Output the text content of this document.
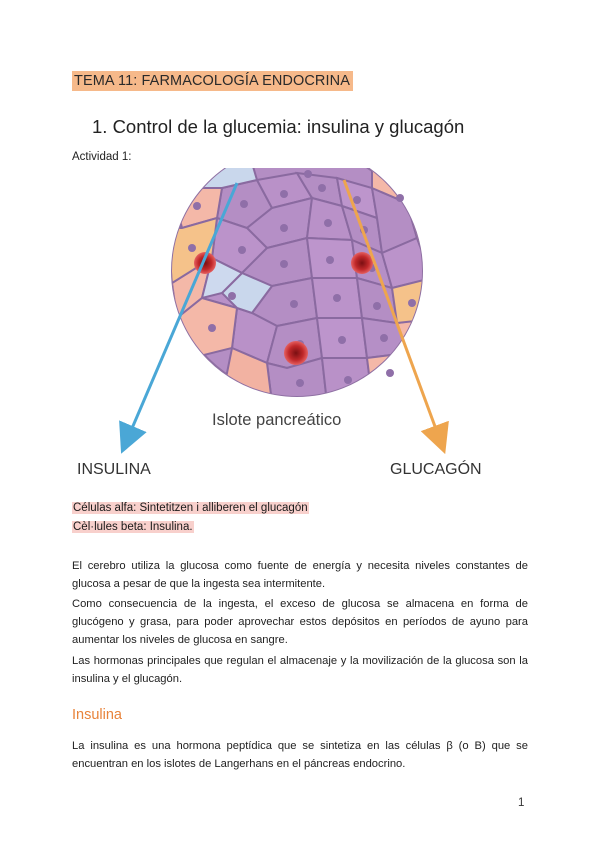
TEMA 11: FARMACOLOGÍA ENDOCRINA
1. Control de la glucemia: insulina y glucagón
Actividad 1:
Islote pancreático
INSULINA	GLUCAGÓN
Células alfa: Sintetitzen i alliberen el glucagón
Cèl·lules beta: Insulina.
El cerebro utiliza la glucosa como fuente de energía y necesita niveles constantes de glucosa a pesar de que la ingesta sea intermitente.
Como consecuencia de la ingesta, el exceso de glucosa se almacena en forma de glucógeno y grasa, para poder aprovechar estos depósitos en períodos de ayuno para aumentar los niveles de glucosa en sangre.
Las hormonas principales que regulan el almacenaje y la movilización de la glucosa son la insulina y el glucagón.
Insulina
La insulina es una hormona peptídica que se sintetiza en las células β (o B) que se encuentran en los islotes de Langerhans en el páncreas endocrino.
1
